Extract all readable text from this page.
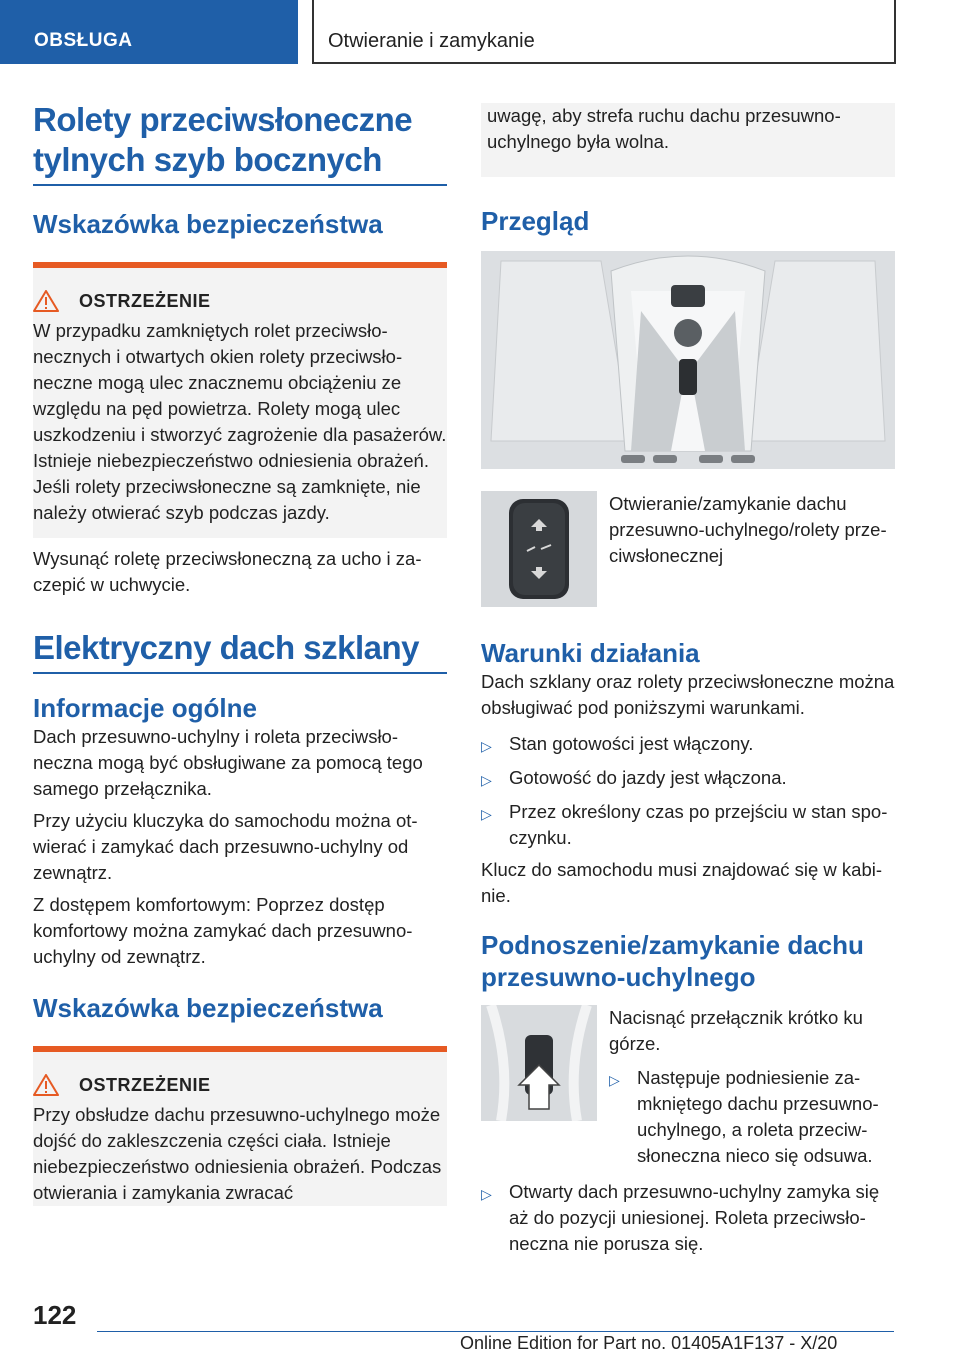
OBSŁUGA	Otwieranie i zamykanie
Rolety przeciwsłoneczne tylnych szyb bocznych
Wskazówka bezpieczeństwa
OSTRZEŻENIE
W przypadku zamkniętych rolet przeciwsłonecznych i otwartych okien rolety przeciwsłoneczne mogą ulec znacznemu obciążeniu ze względu na pęd powietrza. Rolety mogą ulec uszkodzeniu i stworzyć zagrożenie dla pasażerów. Istnieje niebezpieczeństwo odniesienia obrażeń. Jeśli rolety przeciwsłoneczne są zamknięte, nie należy otwierać szyb podczas jazdy.

Wysunąć roletę przeciwsłoneczną za ucho i zaczepić w uchwycie.

Elektryczny dach szklany
Informacje ogólne

Dach przesuwno-uchylny i roleta przeciwsłoneczna mogą być obsługiwane za pomocą tego samego przełącznika.

Przy użyciu kluczyka do samochodu można otwierać i zamykać dach przesuwno-uchylny od zewnątrz.

Z dostępem komfortowym: Poprzez dostęp komfortowy można zamykać dach przesuwno-uchylny od zewnątrz.

Wskazówka bezpieczeństwa
OSTRZEŻENIE
Przy obsłudze dachu przesuwno-uchylnego może dojść do zakleszczenia części ciała. Istnieje niebezpieczeństwo odniesienia obrażeń. Podczas otwierania i zamykania zwracać
uwagę, aby strefa ruchu dachu przesuwno-uchylnego była wolna.
Przegląd
Otwieranie/zamykanie dachu przesuwno-uchylnego/rolety przeciwsłonecznej
Warunki działania

Dach szklany oraz rolety przeciwsłoneczne można obsługiwać pod poniższymi warunkami.

▷ Stan gotowości jest włączony.
▷ Gotowość do jazdy jest włączona.
▷ Przez określony czas po przejściu w stan spoczynku.

Klucz do samochodu musi znajdować się w kabinie.

Podnoszenie/zamykanie dachu przesuwno-uchylnego

Nacisnąć przełącznik krótko ku górze.

▷ Następuje podniesienie zamkniętego dachu przesuwno-uchylnego, a roleta przeciwsłoneczna nieco się odsuwa.
▷ Otwarty dach przesuwno-uchylny zamyka się aż do pozycji uniesionej. Roleta przeciwsłoneczna nie porusza się.
122
Online Edition for Part no. 01405A1F137 - X/20
